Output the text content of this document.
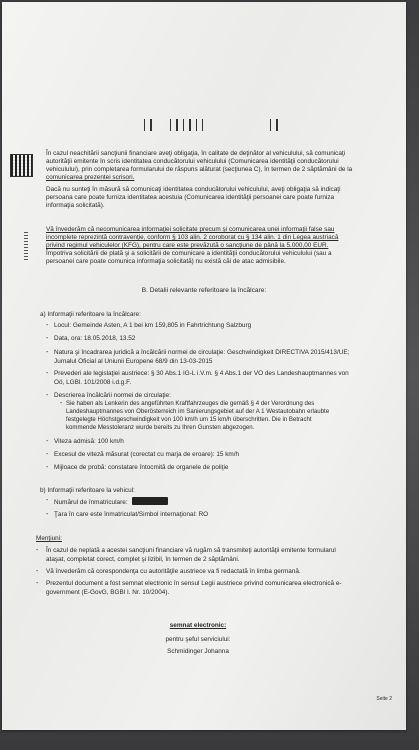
În cazul neachitării sancţiunii financiare aveţi obligaţia, în calitate de deţinător al vehiculului, să comunicaţi
autorităţii emitente în scris identitatea conducătorului vehiculului (Comunicarea identităţii conducătorului
vehiculului), prin completarea formularului de răspuns alăturat (secţiunea C), în termen de 2 săptămâni de la
comunicarea prezentei scrisori.
Dacă nu sunteţi în măsură să comunicaţi identitatea conducătorului vehiculului, aveţi obligaţia să indicaţi
persoana care poate furniza identitatea acestuia (Comunicarea identităţii persoanei care poate furniza
informaţia solicitată).
Vă învederăm că necomunicarea informaţiei solicitate precum şi comunicarea unei informaţii false sau
incomplete reprezintă contravenţie, conform § 103 alin. 2 coroborat cu § 134 alin. 1 din Legea austriacă
privind regimul vehiculelor (KFG), pentru care este prevăzută o sancţiune de până la 5.000,00 EUR.
Împotriva solicitării de plată şi a solicitării de comunicare a identităţii conducătorului vehiculului (sau a
persoanei care poate comunica informaţia solicitată) nu există căi de atac admisibile.
B. Detalii relevante referitoare la încălcare:
a) Informaţii referitoare la încălcare:
- Locul: Gemeinde Asten, A 1 bei km 159,805 in Fahrtrichtung Salzburg
- Data, ora: 18.05.2018, 13.52
- Natura şi încadrarea juridică a încălcării normei de circulaţie: Geschwindigkeit DIRECTIVA 2015/413/UE;
Jurnalul Oficial al Uniunii Europene 68/9 din 13-03-2015
- Prevederi ale legislaţiei austriece: § 30 Abs.1 IG-L i.V.m. § 4 Abs.1 der VO des Landeshauptmannes von
Oö, LGBl. 101/2008 i.d.g.F.
- Descrierea încălcării normei de circulaţie:
- Sie haben als Lenkerin des angeführten Kraftfahrzeuges die gemäß § 4 der Verordnung des
Landeshauptmannes von Oberösterreich im Sanierungsgebiet auf der A 1 Westautobahn erlaubte
festgelegte Höchstgeschwindigkeit von 100 km/h um 15 km/h überschritten. Die in Betracht
kommende Messtoleranz wurde bereits zu Ihren Gunsten abgezogen.
- Viteza admisă: 100 km/h
- Excesul de viteză măsurat (corectat cu marja de eroare): 15 km/h
- Mijloace de probă: constatare întocmită de organele de poliţie
b) Informaţii referitoare la vehicul:
- Numărul de înmatriculare:
- Ţara în care este înmatriculat/Simbol internaţional: RO
Menţiuni:
- În cazul de neplată a acestei sancţiuni financiare vă rugăm să transmiteţi autorităţii emitente formularul
ataşat, completat corect, complet şi lizibil, în termen de 2 săptămâni.
- Vă învederăm că corespondenţa cu autorităţile austriece va fi redactată în limba germană.
- Prezentul document a fost semnat electronic în sensul Legii austriece privind comunicarea electronică e-
government (E-GovG, BGBl I. Nr. 10/2004).
semnat electronic:
pentru şeful serviciului:
Schmidinger Johanna
Seite 2
